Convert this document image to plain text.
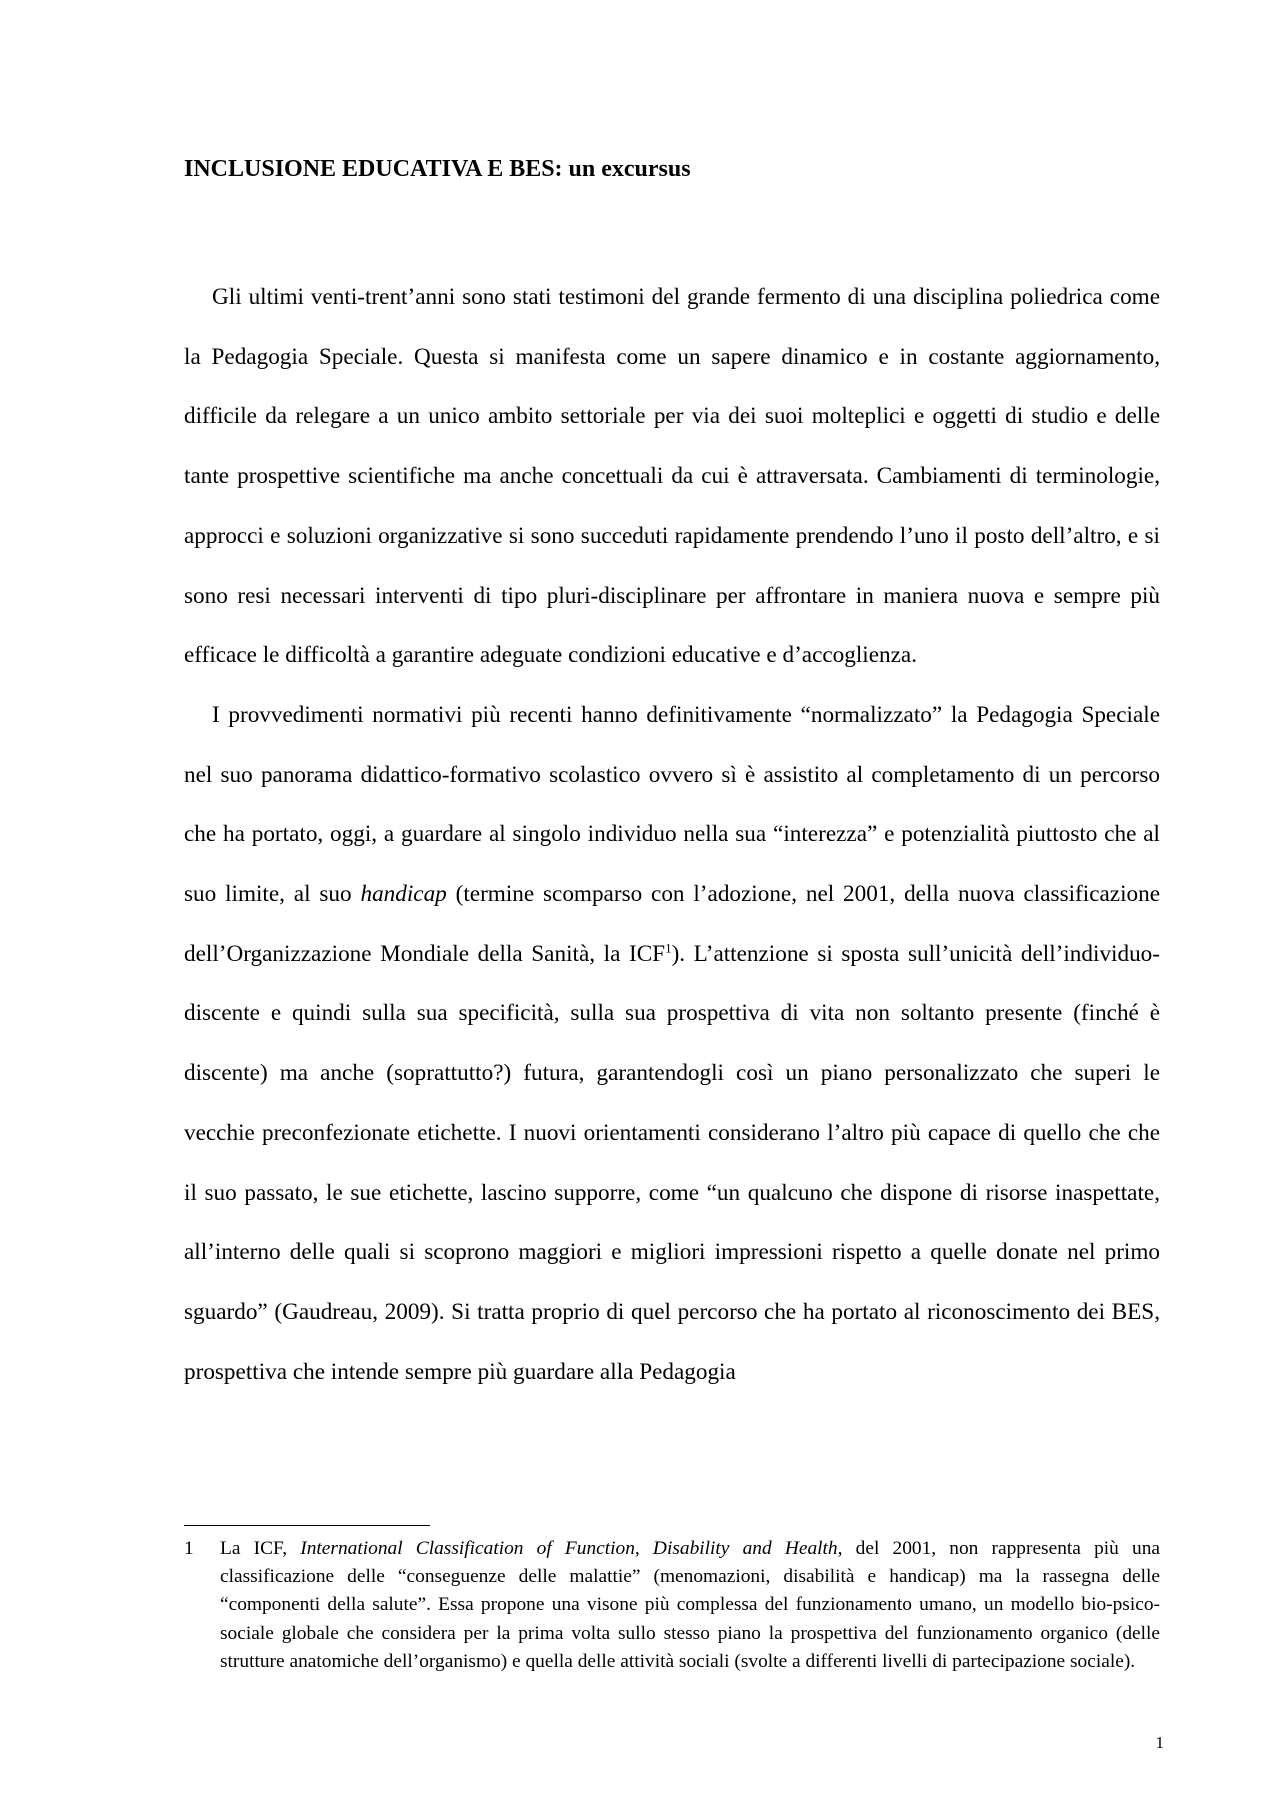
INCLUSIONE EDUCATIVA E BES: un excursus

Gli ultimi venti-trent’anni sono stati testimoni del grande fermento di una disciplina poliedrica come la Pedagogia Speciale. Questa si manifesta come un sapere dinamico e in costante aggiornamento, difficile da relegare a un unico ambito settoriale per via dei suoi molteplici e oggetti di studio e delle tante prospettive scientifiche ma anche concettuali da cui è attraversata. Cambiamenti di terminologie, approcci e soluzioni organizzative si sono succeduti rapidamente prendendo l’uno il posto dell’altro, e si sono resi necessari interventi di tipo pluri-disciplinare per affrontare in maniera nuova e sempre più efficace le difficoltà a garantire adeguate condizioni educative e d’accoglienza.

I provvedimenti normativi più recenti hanno definitivamente “normalizzato” la Pedagogia Speciale nel suo panorama didattico-formativo scolastico ovvero sì è assistito al completamento di un percorso che ha portato, oggi, a guardare al singolo individuo nella sua “interezza” e potenzialità piuttosto che al suo limite, al suo handicap (termine scomparso con l’adozione, nel 2001, della nuova classificazione dell’Organizzazione Mondiale della Sanità, la ICF$^1$). L’attenzione si sposta sull’unicità dell’individuo-discente e quindi sulla sua specificità, sulla sua prospettiva di vita non soltanto presente (finché è discente) ma anche (soprattutto?) futura, garantendogli così un piano personalizzato che superi le vecchie preconfezionate etichette. I nuovi orientamenti considerano l’altro più capace di quello che che il suo passato, le sue etichette, lascino supporre, come “un qualcuno che dispone di risorse inaspettate, all’interno delle quali si scoprono maggiori e migliori impressioni rispetto a quelle donate nel primo sguardo” (Gaudreau, 2009). Si tratta proprio di quel percorso che ha portato al riconoscimento dei BES, prospettiva che intende sempre più guardare alla Pedagogia

1 La ICF, International Classification of Function, Disability and Health, del 2001, non rappresenta più una classificazione delle “conseguenze delle malattie” (menomazioni, disabilità e handicap) ma la rassegna delle “componenti della salute”. Essa propone una visone più complessa del funzionamento umano, un modello bio-psico-sociale globale che considera per la prima volta sullo stesso piano la prospettiva del funzionamento organico (delle strutture anatomiche dell’organismo) e quella delle attività sociali (svolte a differenti livelli di partecipazione sociale).
1
